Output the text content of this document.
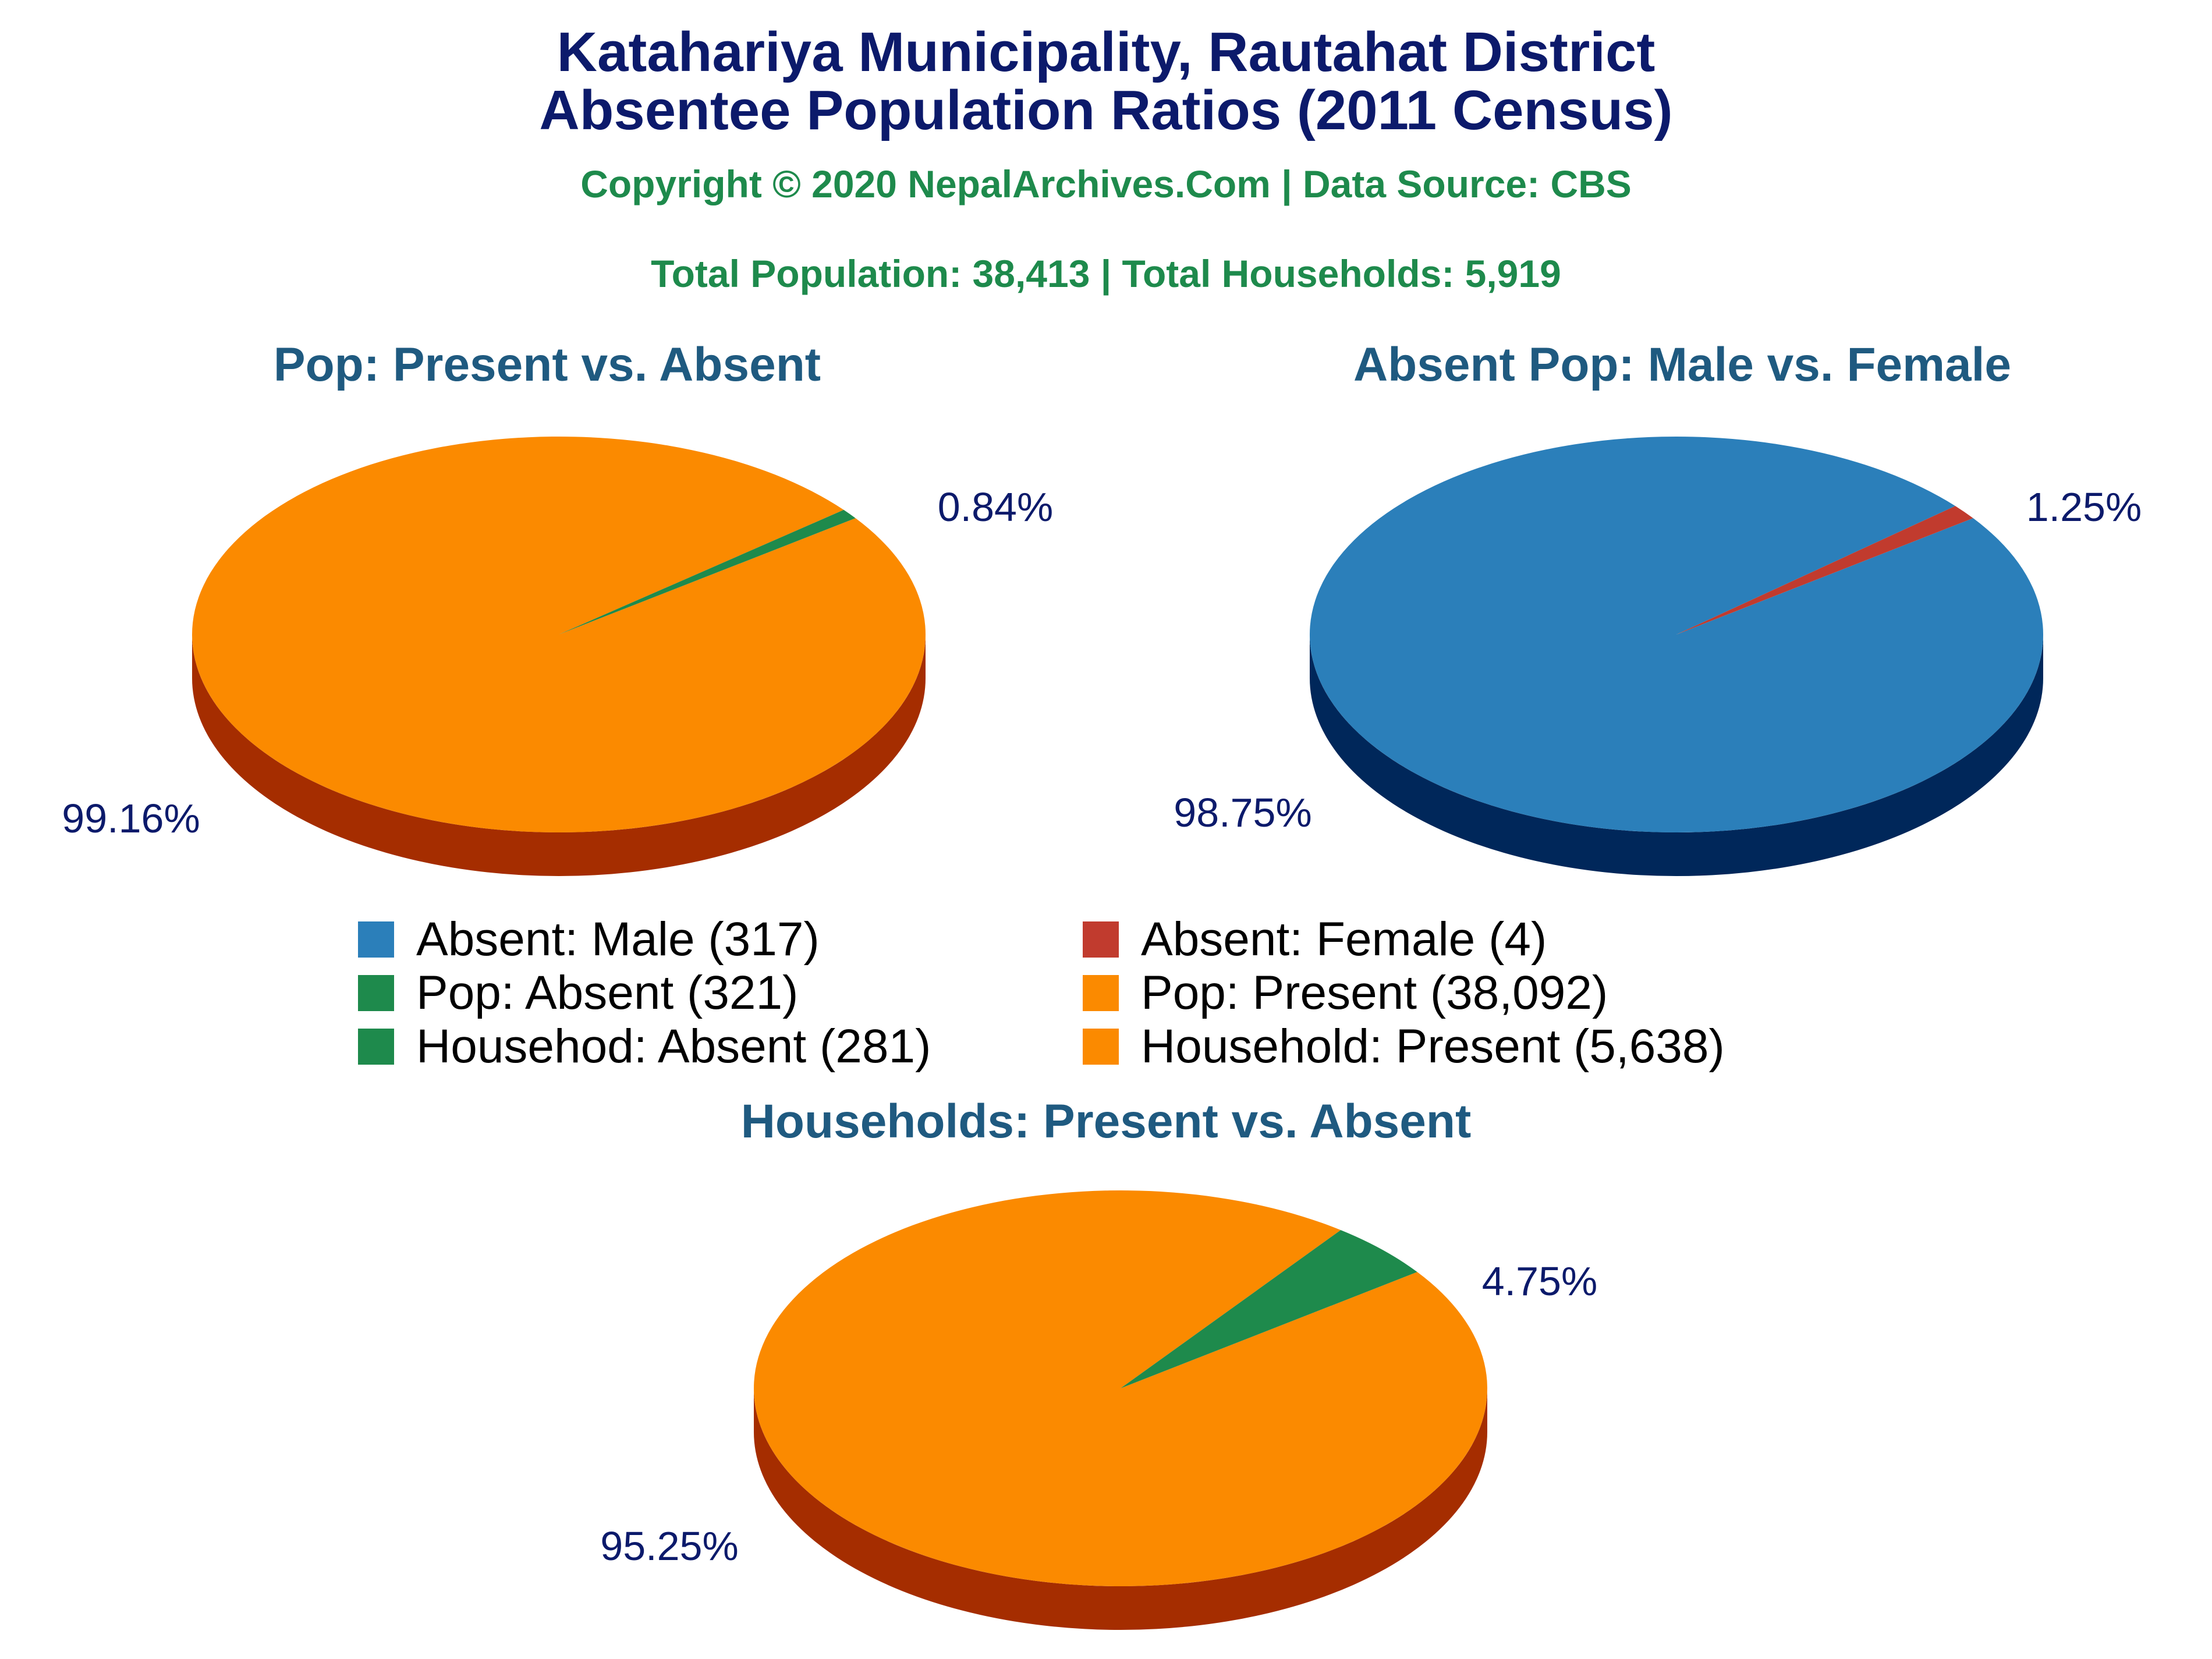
Katahariya Municipality, Rautahat District
Absentee Population Ratios (2011 Census)
Copyright © 2020 NepalArchives.Com | Data Source: CBS
Total Population: 38,413 | Total Households: 5,919
Pop: Present vs. Absent	Absent Pop: Male vs. Female
Households: Present vs. Absent
0.84%
99.16%
1.25%
98.75%
4.75%
95.25%
Absent: Male (317)	Absent: Female (4)
Pop: Absent (321)	Pop: Present (38,092)
Househod: Absent (281)	Household: Present (5,638)
